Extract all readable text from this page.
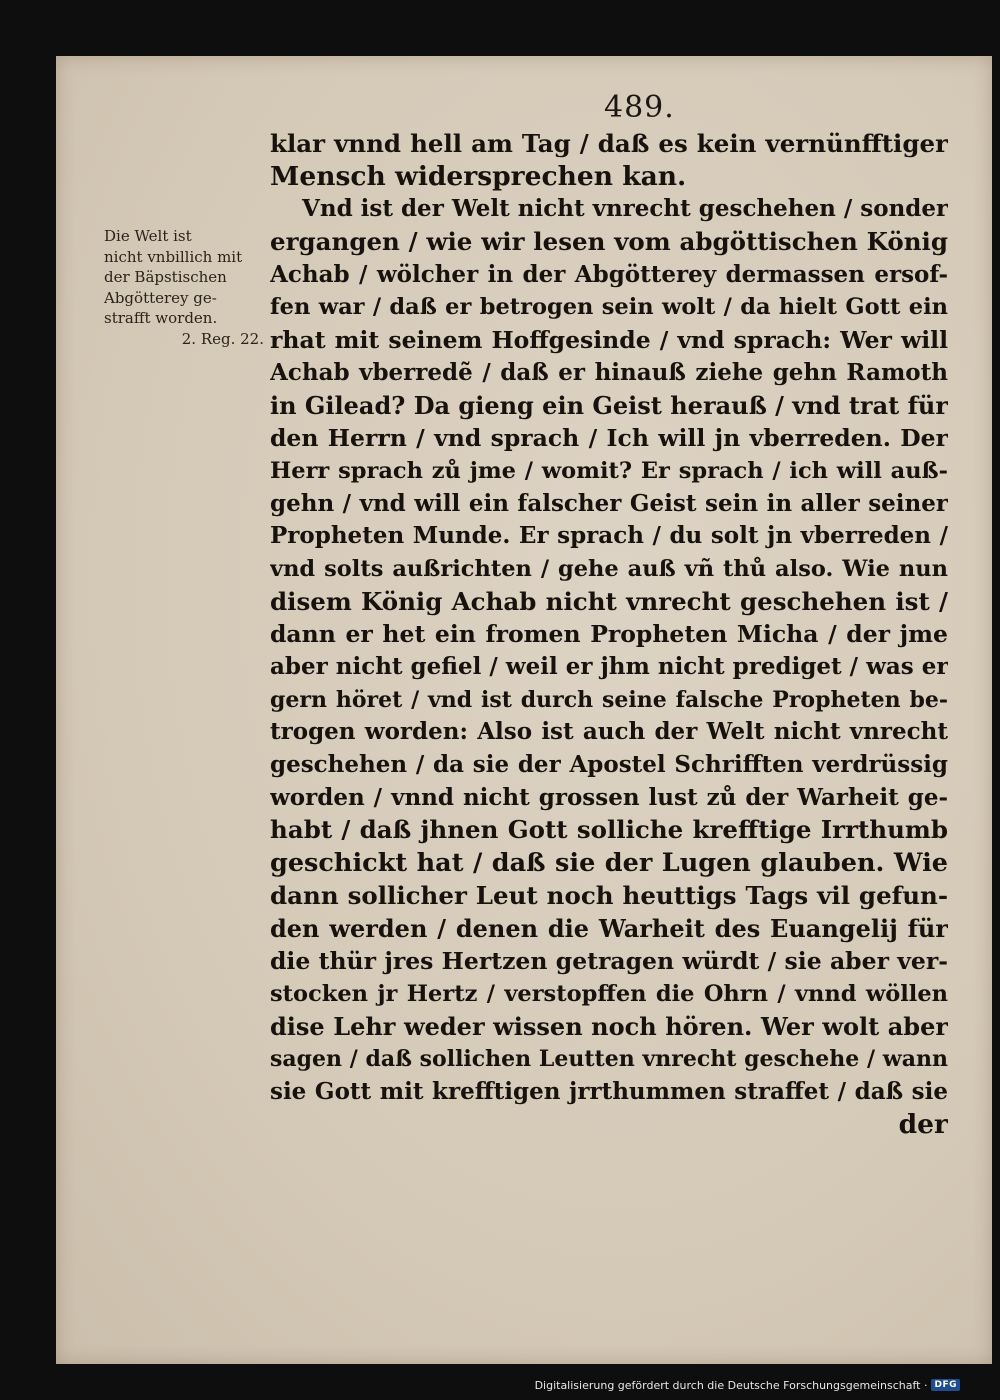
489.
Die Welt ist
nicht vnbillich mit
der Bäpstischen
Abgötterey ge-
strafft worden.
2. Reg. 22.
klar vnnd hell am Tag / daß es kein vernünfftiger
Mensch widersprechen kan.
Vnd ist der Welt nicht vnrecht geschehen / sonder
ergangen / wie wir lesen vom abgöttischen König
Achab / wölcher in der Abgötterey dermassen ersof-
fen war / daß er betrogen sein wolt / da hielt Gott ein
rhat mit seinem Hoffgesinde / vnd sprach: Wer will
Achab vberredẽ / daß er hinauß ziehe gehn Ramoth
in Gilead? Da gieng ein Geist herauß / vnd trat für
den Herrn / vnd sprach / Ich will jn vberreden. Der
Herr sprach zů jme / womit? Er sprach / ich will auß-
gehn / vnd will ein falscher Geist sein in aller seiner
Propheten Munde. Er sprach / du solt jn vberreden /
vnd solts außrichten / gehe auß vñ thů also. Wie nun
disem König Achab nicht vnrecht geschehen ist /
dann er het ein fromen Propheten Micha / der jme
aber nicht gefiel / weil er jhm nicht prediget / was er
gern höret / vnd ist durch seine falsche Propheten be-
trogen worden: Also ist auch der Welt nicht vnrecht
geschehen / da sie der Apostel Schrifften verdrüssig
worden / vnnd nicht grossen lust zů der Warheit ge-
habt / daß jhnen Gott solliche krefftige Irrthumb
geschickt hat / daß sie der Lugen glauben. Wie
dann sollicher Leut noch heuttigs Tags vil gefun-
den werden / denen die Warheit des Euangelij für
die thür jres Hertzen getragen würdt / sie aber ver-
stocken jr Hertz / verstopffen die Ohrn / vnnd wöllen
dise Lehr weder wissen noch hören. Wer wolt aber
sagen / daß sollichen Leutten vnrecht geschehe / wann
sie Gott mit krefftigen jrrthummen straffet / daß sie
der
Digitalisierung gefördert durch die Deutsche Forschungsgemeinschaft · DFG
